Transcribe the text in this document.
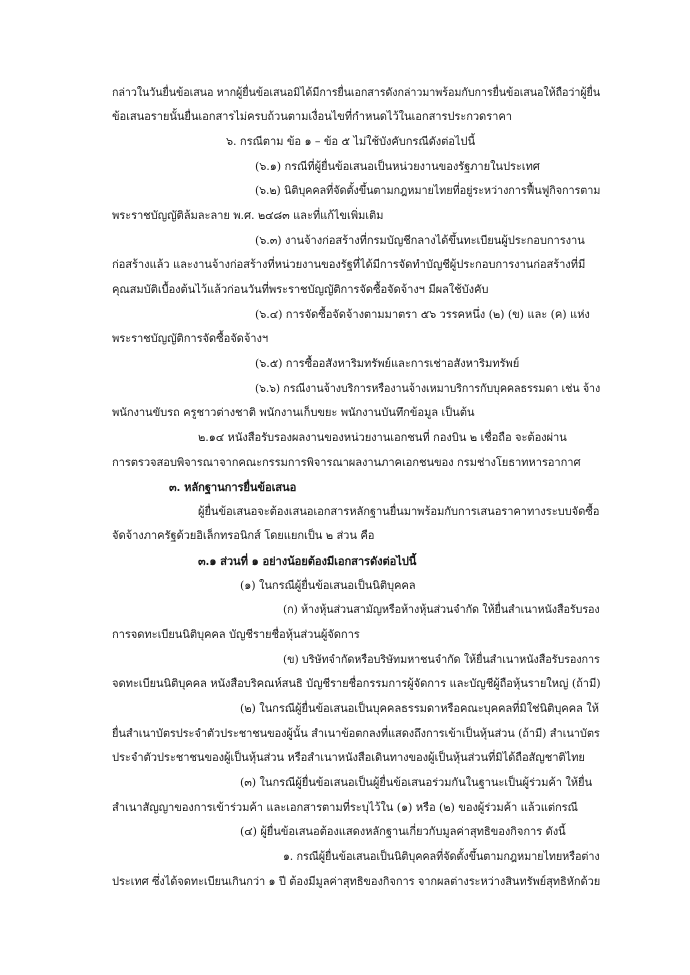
กล่าวในวันยื่นข้อเสนอ หากผู้ยื่นข้อเสนอมิได้มีการยื่นเอกสารดังกล่าวมาพร้อมกับการยื่นข้อเสนอให้ถือว่าผู้ยื่น
ข้อเสนอรายนั้นยื่นเอกสารไม่ครบถ้วนตามเงื่อนไขที่กำหนดไว้ในเอกสารประกวดราคา
๖. กรณีตาม ข้อ ๑ – ข้อ ๕ ไม่ใช้บังคับกรณีดังต่อไปนี้
(๖.๑) กรณีที่ผู้ยื่นข้อเสนอเป็นหน่วยงานของรัฐภายในประเทศ
(๖.๒) นิติบุคคลที่จัดตั้งขึ้นตามกฎหมายไทยที่อยู่ระหว่างการฟื้นฟูกิจการตาม
พระราชบัญญัติล้มละลาย พ.ศ. ๒๔๘๓ และที่แก้ไขเพิ่มเติม
(๖.๓) งานจ้างก่อสร้างที่กรมบัญชีกลางได้ขึ้นทะเบียนผู้ประกอบการงาน
ก่อสร้างแล้ว และงานจ้างก่อสร้างที่หน่วยงานของรัฐที่ได้มีการจัดทำบัญชีผู้ประกอบการงานก่อสร้างที่มี
คุณสมบัติเบื้องต้นไว้แล้วก่อนวันที่พระราชบัญญัติการจัดซื้อจัดจ้างฯ มีผลใช้บังคับ
(๖.๔) การจัดซื้อจัดจ้างตามมาตรา ๕๖ วรรคหนึ่ง (๒) (ข) และ (ค) แห่ง
พระราชบัญญัติการจัดซื้อจัดจ้างฯ
(๖.๕) การซื้ออสังหาริมทรัพย์และการเช่าอสังหาริมทรัพย์
(๖.๖) กรณีงานจ้างบริการหรืองานจ้างเหมาบริการกับบุคคลธรรมดา เช่น จ้าง
พนักงานขับรถ ครูชาวต่างชาติ พนักงานเก็บขยะ พนักงานบันทึกข้อมูล เป็นต้น
๒.๑๔ หนังสือรับรองผลงานของหน่วยงานเอกชนที่ กองบิน ๒ เชื่อถือ จะต้องผ่าน
การตรวจสอบพิจารณาจากคณะกรรมการพิจารณาผลงานภาคเอกชนของ กรมช่างโยธาทหารอากาศ
๓. หลักฐานการยื่นข้อเสนอ
ผู้ยื่นข้อเสนอจะต้องเสนอเอกสารหลักฐานยื่นมาพร้อมกับการเสนอราคาทางระบบจัดซื้อ
จัดจ้างภาครัฐด้วยอิเล็กทรอนิกส์ โดยแยกเป็น ๒ ส่วน คือ
๓.๑ ส่วนที่ ๑ อย่างน้อยต้องมีเอกสารดังต่อไปนี้
(๑) ในกรณีผู้ยื่นข้อเสนอเป็นนิติบุคคล
(ก) ห้างหุ้นส่วนสามัญหรือห้างหุ้นส่วนจำกัด ให้ยื่นสำเนาหนังสือรับรอง
การจดทะเบียนนิติบุคคล บัญชีรายชื่อหุ้นส่วนผู้จัดการ
(ข) บริษัทจำกัดหรือบริษัทมหาชนจำกัด ให้ยื่นสำเนาหนังสือรับรองการ
จดทะเบียนนิติบุคคล หนังสือบริคณห์สนธิ บัญชีรายชื่อกรรมการผู้จัดการ และบัญชีผู้ถือหุ้นรายใหญ่ (ถ้ามี)
(๒) ในกรณีผู้ยื่นข้อเสนอเป็นบุคคลธรรมดาหรือคณะบุคคลที่มิใช่นิติบุคคล ให้
ยื่นสำเนาบัตรประจำตัวประชาชนของผู้นั้น สำเนาข้อตกลงที่แสดงถึงการเข้าเป็นหุ้นส่วน (ถ้ามี) สำเนาบัตร
ประจำตัวประชาชนของผู้เป็นหุ้นส่วน หรือสำเนาหนังสือเดินทางของผู้เป็นหุ้นส่วนที่มิได้ถือสัญชาติไทย
(๓) ในกรณีผู้ยื่นข้อเสนอเป็นผู้ยื่นข้อเสนอร่วมกันในฐานะเป็นผู้ร่วมค้า ให้ยื่น
สำเนาสัญญาของการเข้าร่วมค้า และเอกสารตามที่ระบุไว้ใน (๑) หรือ (๒) ของผู้ร่วมค้า แล้วแต่กรณี
(๔) ผู้ยื่นข้อเสนอต้องแสดงหลักฐานเกี่ยวกับมูลค่าสุทธิของกิจการ ดังนี้
๑. กรณีผู้ยื่นข้อเสนอเป็นนิติบุคคลที่จัดตั้งขึ้นตามกฎหมายไทยหรือต่าง
ประเทศ ซึ่งได้จดทะเบียนเกินกว่า ๑ ปี ต้องมีมูลค่าสุทธิของกิจการ จากผลต่างระหว่างสินทรัพย์สุทธิหักด้วย
